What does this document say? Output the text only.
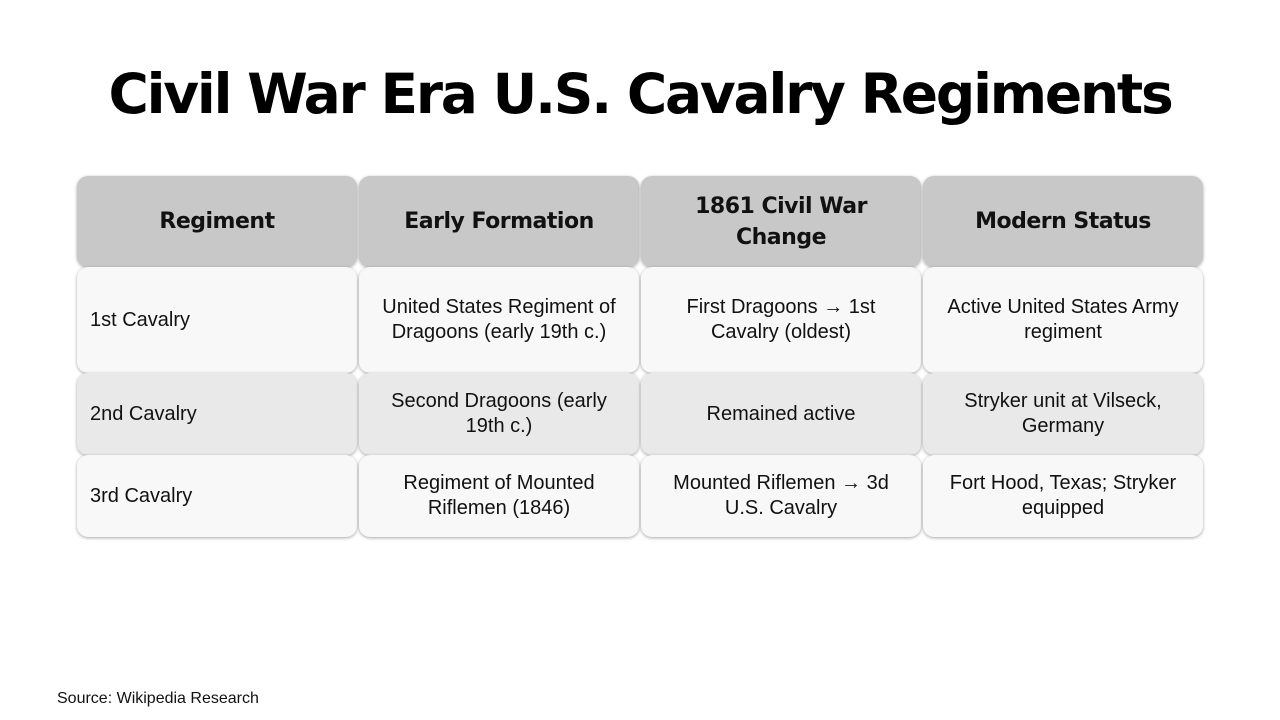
Civil War Era U.S. Cavalry Regiments
Regiment	Early Formation
1861 Civil War Change
Modern Status
1st Cavalry
United States Regiment of Dragoons (early 19th c.)
First Dragoons → 1st Cavalry (oldest)
Active United States Army regiment
2nd Cavalry
Second Dragoons (early 19th c.)
Remained active
Stryker unit at Vilseck, Germany
3rd Cavalry
Regiment of Mounted Riflemen (1846)
Mounted Riflemen → 3d U.S. Cavalry
Fort Hood, Texas; Stryker equipped
Source: Wikipedia Research
